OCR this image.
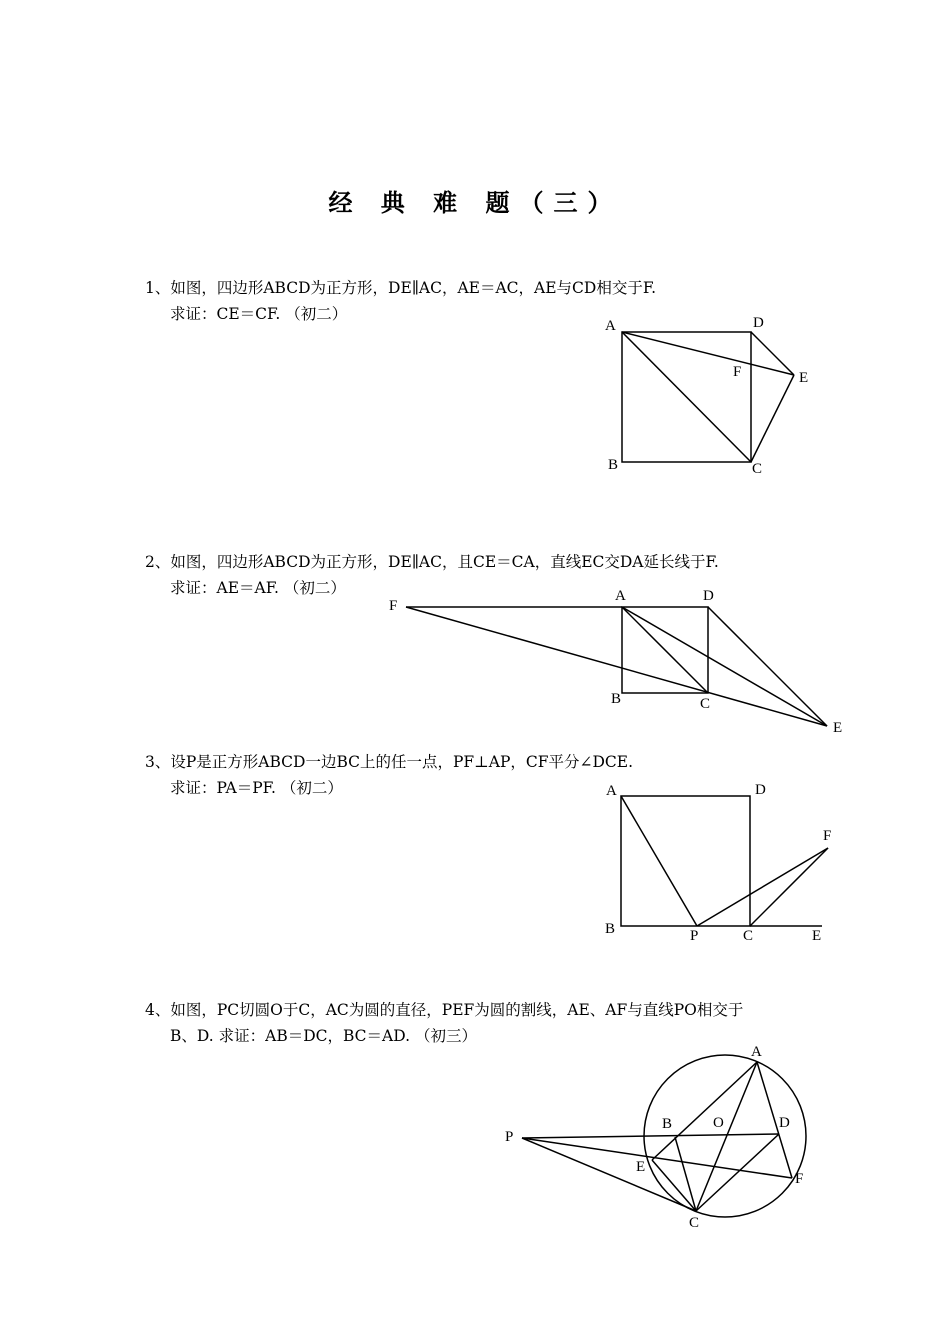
经 典 难 题（三）
1、如图，四边形ABCD为正方形，DE∥AC，AE＝AC，AE与CD相交于F.
求证：CE＝CF. （初二）
A
B	C
D
E
F
2、如图，四边形ABCD为正方形，DE∥AC，且CE＝CA，直线EC交DA延长线于F.
求证：AE＝AF. （初二）
F
A	D
B	C
E
3、设P是正方形ABCD一边BC上的任一点，PF⊥AP，CF平分∠DCE.
求证：PA＝PF. （初二）	A	D
F
B	P	C	E
4、如图，PC切圆O于C，AC为圆的直径，PEF为圆的割线，AE、AF与直线PO相交于
B、D. 求证：AB＝DC，BC＝AD. （初三）
A
B	O	D
P
E
F
C
